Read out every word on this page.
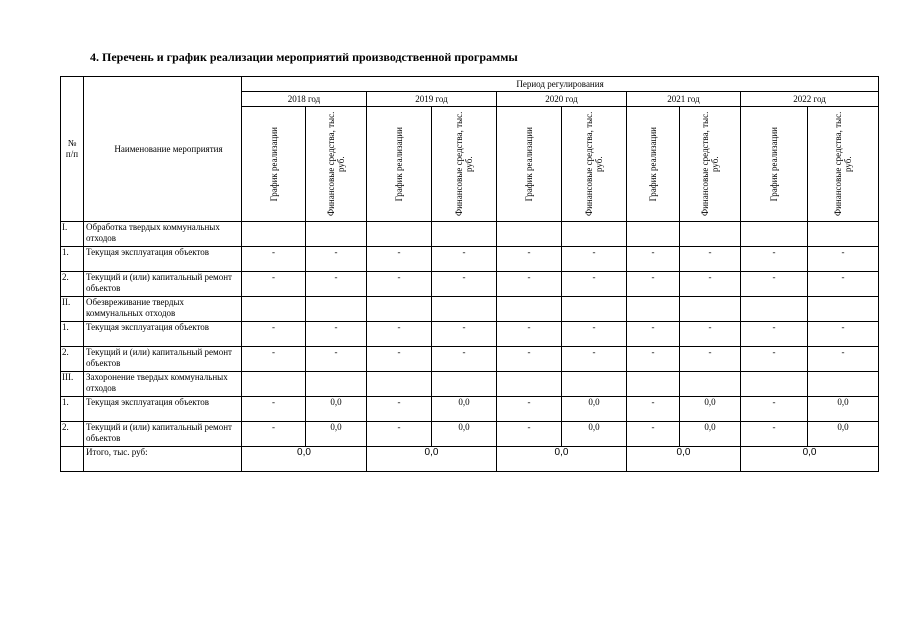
4. Перечень и график реализации мероприятий производственной программы
№
п/п	Наименование мероприятия	Период регулирования									
		2018 год		2019 год		2020 год		2021 год		2022 год	

		График реализации	Финансовые средства, тыс. руб.	График реализации	Финансовые средства, тыс. руб.	График реализации	Финансовые средства, тыс. руб.	График реализации	Финансовые средства, тыс. руб.	График реализации	Финансовые средства, тыс. руб.

I.	Обработка твердых коммунальных отходов										
1.	Текущая эксплуатация объектов	-	-	-	-	-	-	-	-	-	-
2.	Текущий и (или) капитальный ремонт объектов	-	-	-	-	-	-	-	-	-	-
II.	Обезвреживание твердых коммунальных отходов										
1.	Текущая эксплуатация объектов	-	-	-	-	-	-	-	-	-	-
2.	Текущий и (или) капитальный ремонт объектов	-	-	-	-	-	-	-	-	-	-
III.	Захоронение твердых коммунальных отходов										
1.	Текущая эксплуатация объектов	-	0,0	-	0,0	-	0,0	-	0,0	-	0,0
2.	Текущий и (или) капитальный ремонт объектов	-	0,0	-	0,0	-	0,0	-	0,0	-	0,0
	Итого, тыс. руб:	0,0		0,0		0,0		0,0		0,0	
